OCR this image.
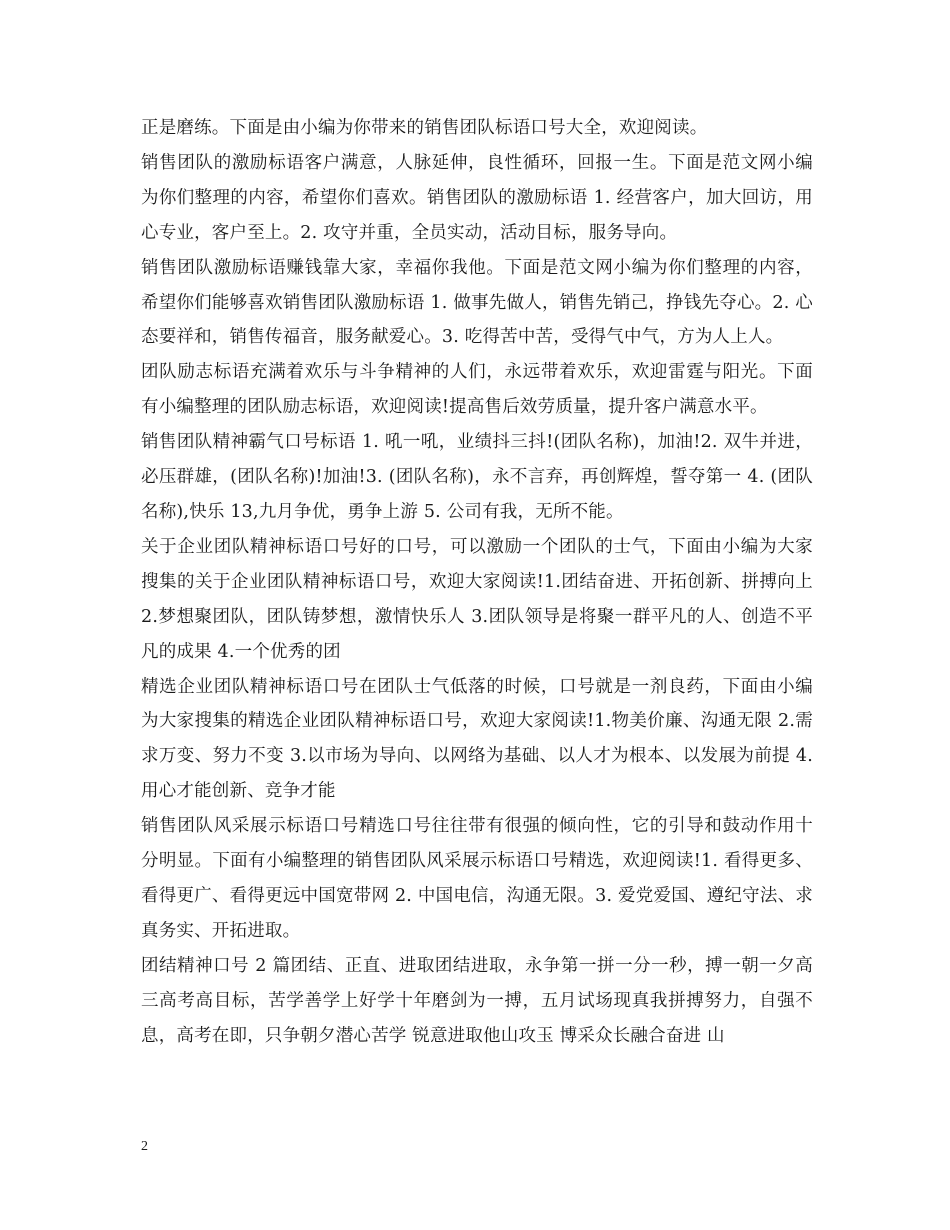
正是磨练。下面是由小编为你带来的销售团队标语口号大全，欢迎阅读。

销售团队的激励标语客户满意，人脉延伸，良性循环，回报一生。下面是范文网小编为你们整理的内容，希望你们喜欢。销售团队的激励标语 1. 经营客户，加大回访，用心专业，客户至上。2. 攻守并重，全员实动，活动目标，服务导向。

销售团队激励标语赚钱靠大家，幸福你我他。下面是范文网小编为你们整理的内容，希望你们能够喜欢销售团队激励标语 1. 做事先做人，销售先销己，挣钱先夺心。2. 心态要祥和，销售传福音，服务献爱心。3. 吃得苦中苦，受得气中气，方为人上人。

团队励志标语充满着欢乐与斗争精神的人们，永远带着欢乐，欢迎雷霆与阳光。下面有小编整理的团队励志标语，欢迎阅读!提高售后效劳质量，提升客户满意水平。

销售团队精神霸气口号标语 1. 吼一吼，业绩抖三抖!(团队名称)，加油!2. 双牛并进，必压群雄，(团队名称)!加油!3. (团队名称)，永不言弃，再创辉煌，誓夺第一 4. (团队名称),快乐 13,九月争优，勇争上游 5. 公司有我，无所不能。

关于企业团队精神标语口号好的口号，可以激励一个团队的士气，下面由小编为大家搜集的关于企业团队精神标语口号，欢迎大家阅读!1.团结奋进、开拓创新、拼搏向上 2.梦想聚团队，团队铸梦想，激情快乐人 3.团队领导是将聚一群平凡的人、创造不平凡的成果 4.一个优秀的团

精选企业团队精神标语口号在团队士气低落的时候，口号就是一剂良药，下面由小编为大家搜集的精选企业团队精神标语口号，欢迎大家阅读!1.物美价廉、沟通无限 2.需求万变、努力不变 3.以市场为导向、以网络为基础、以人才为根本、以发展为前提 4.用心才能创新、竞争才能

销售团队风采展示标语口号精选口号往往带有很强的倾向性，它的引导和鼓动作用十分明显。下面有小编整理的销售团队风采展示标语口号精选，欢迎阅读!1. 看得更多、看得更广、看得更远中国宽带网 2. 中国电信，沟通无限。3. 爱党爱国、遵纪守法、求真务实、开拓进取。

团结精神口号 2 篇团结、正直、进取团结进取，永争第一拼一分一秒，搏一朝一夕高三高考高目标，苦学善学上好学十年磨剑为一搏，五月试场现真我拼搏努力，自强不息，高考在即，只争朝夕潜心苦学 锐意进取他山攻玉 博采众长融合奋进 山

2
